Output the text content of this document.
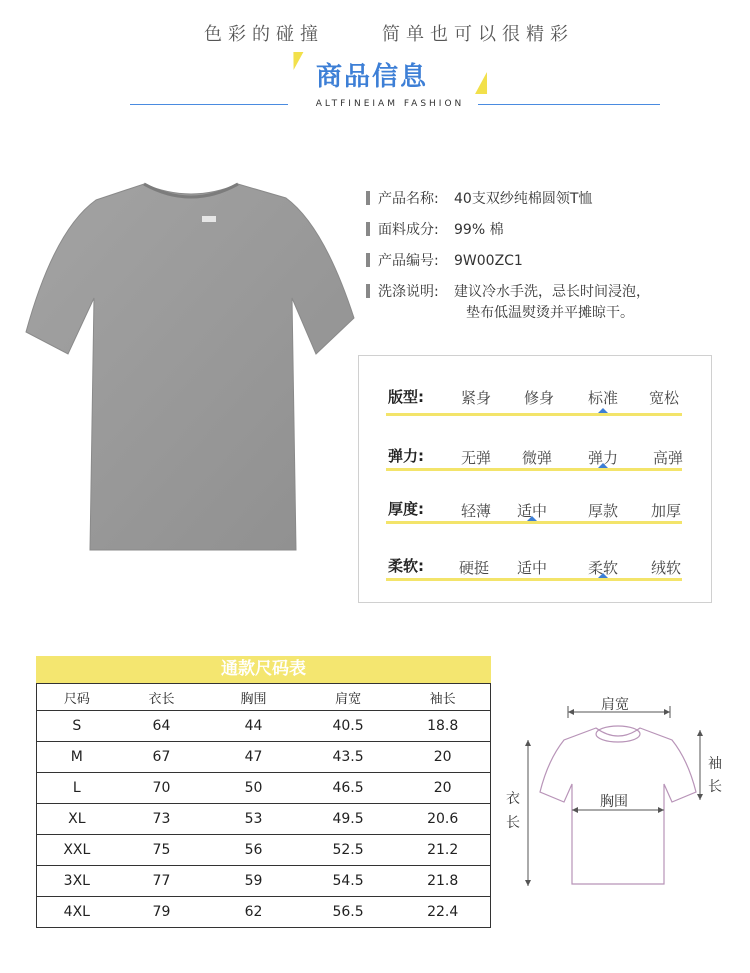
色彩的碰撞	简单也可以很精彩
商品信息
ALTFINEIAM FASHION
产品名称: 40支双纱纯棉圆领T恤
面料成分: 99% 棉
产品编号: 9W00ZC1
洗涤说明: 建议冷水手洗，忌长时间浸泡，
垫布低温熨烫并平摊晾干。
版型:	紧身	修身	标准	宽松
弹力:	无弹	微弹	弹力	高弹
厚度:	轻薄	适中	厚款	加厚
柔软:	硬挺	适中	柔软	绒软
通款尺码表
尺码	衣长	胸围	肩宽	袖长
S	64	44	40.5	18.8
M	67	47	43.5	20
L	70	50	46.5	20
XL	73	53	49.5	20.6
XXL	75	56	52.5	21.2
3XL	77	59	54.5	21.8
4XL	79	62	56.5	22.4
肩宽
胸围
衣
长
袖
长
